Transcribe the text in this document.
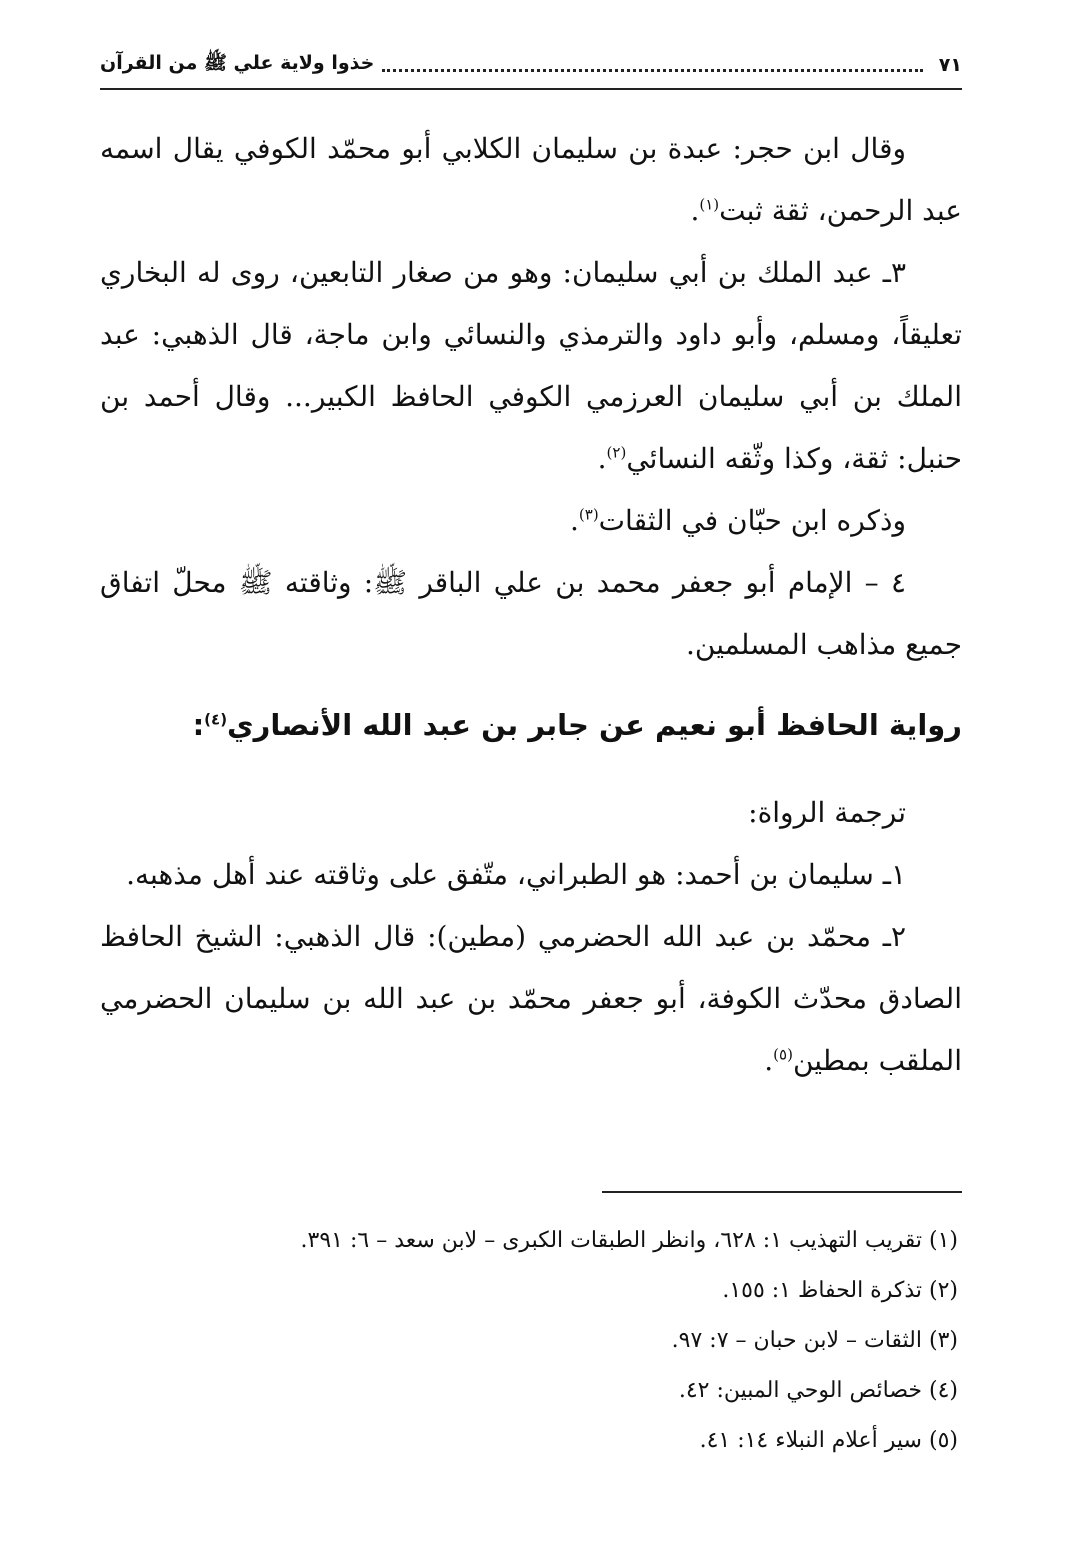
٧١
خذوا ولاية علي ﷺ من القرآن

وقال ابن حجر: عبدة بن سليمان الكلابي أبو محمّد الكوفي يقال اسمه عبد الرحمن، ثقة ثبت$^{(١)}$.

٣ـ عبد الملك بن أبي سليمان: وهو من صغار التابعين، روى له البخاري تعليقاً، ومسلم، وأبو داود والترمذي والنسائي وابن ماجة، قال الذهبي: عبد الملك بن أبي سليمان العرزمي الكوفي الحافظ الكبير... وقال أحمد بن حنبل: ثقة، وكذا وثّقه النسائي$^{(٢)}$.

وذكره ابن حبّان في الثقات$^{(٣)}$.

٤ – الإمام أبو جعفر محمد بن علي الباقر ﷺ: وثاقته ﷺ محلّ اتفاق جميع مذاهب المسلمين.

رواية الحافظ أبو نعيم عن جابر بن عبد الله الأنصاري$^{(٤)}$:

ترجمة الرواة:

١ـ سليمان بن أحمد: هو الطبراني، متّفق على وثاقته عند أهل مذهبه.

٢ـ محمّد بن عبد الله الحضرمي (مطين): قال الذهبي: الشيخ الحافظ الصادق محدّث الكوفة، أبو جعفر محمّد بن عبد الله بن سليمان الحضرمي الملقب بمطين$^{(٥)}$.

(١) تقريب التهذيب ١: ٦٢٨، وانظر الطبقات الكبرى – لابن سعد – ٦: ٣٩١.
(٢) تذكرة الحفاظ ١: ١٥٥.
(٣) الثقات – لابن حبان – ٧: ٩٧.
(٤) خصائص الوحي المبين: ٤٢.
(٥) سير أعلام النبلاء ١٤: ٤١.
